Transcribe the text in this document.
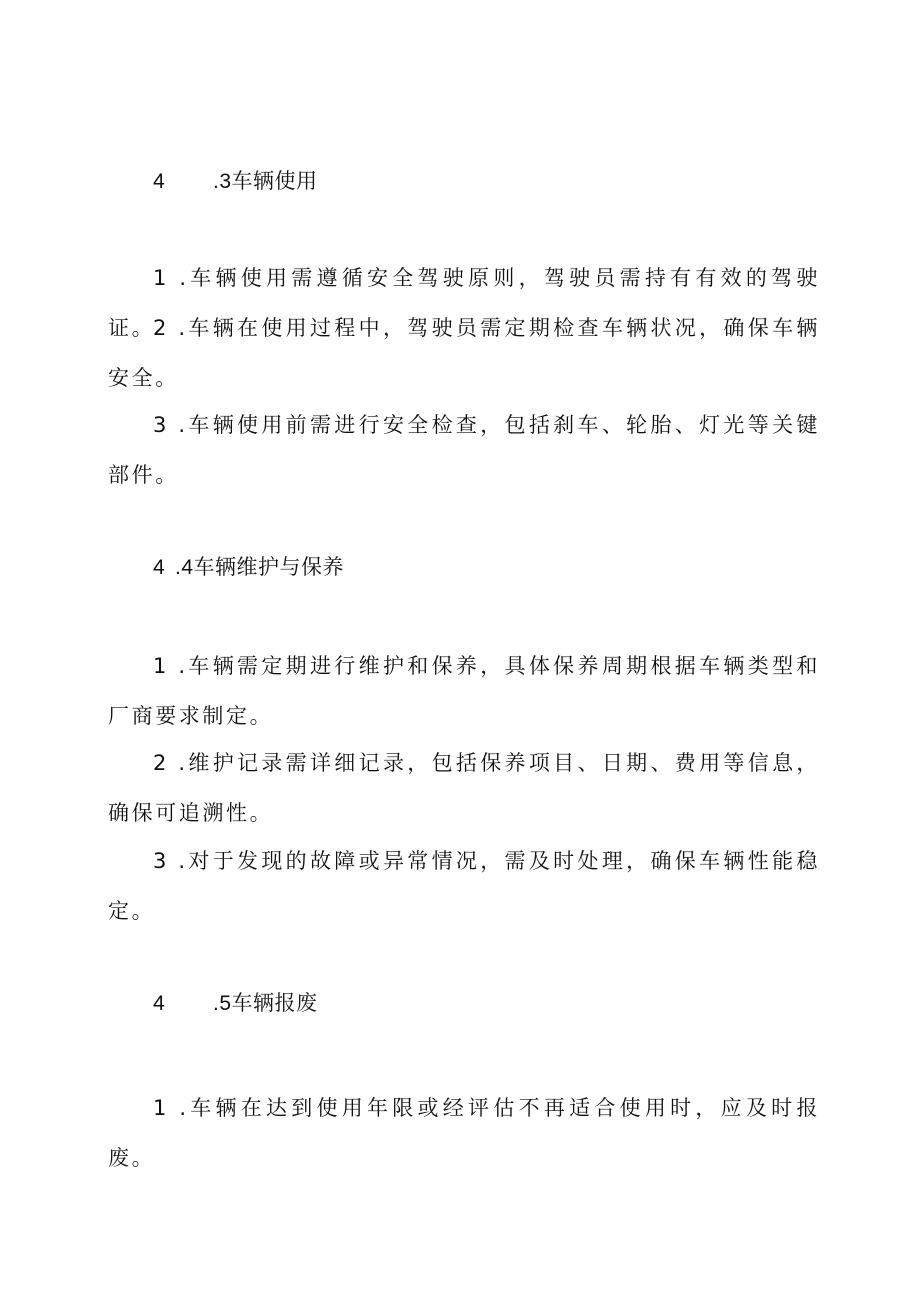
4 .3车辆使用

1 .车辆使用需遵循安全驾驶原则，驾驶员需持有有效的驾驶证。

2 .车辆在使用过程中，驾驶员需定期检查车辆状况，确保车辆安全。

3 .车辆使用前需进行安全检查，包括刹车、轮胎、灯光等关键部件。

4 .4车辆维护与保养

1 .车辆需定期进行维护和保养，具体保养周期根据车辆类型和厂商要求制定。

2 .维护记录需详细记录，包括保养项目、日期、费用等信息，确保可追溯性。

3 .对于发现的故障或异常情况，需及时处理，确保车辆性能稳定。

4 .5车辆报废

1 .车辆在达到使用年限或经评估不再适合使用时，应及时报废。
